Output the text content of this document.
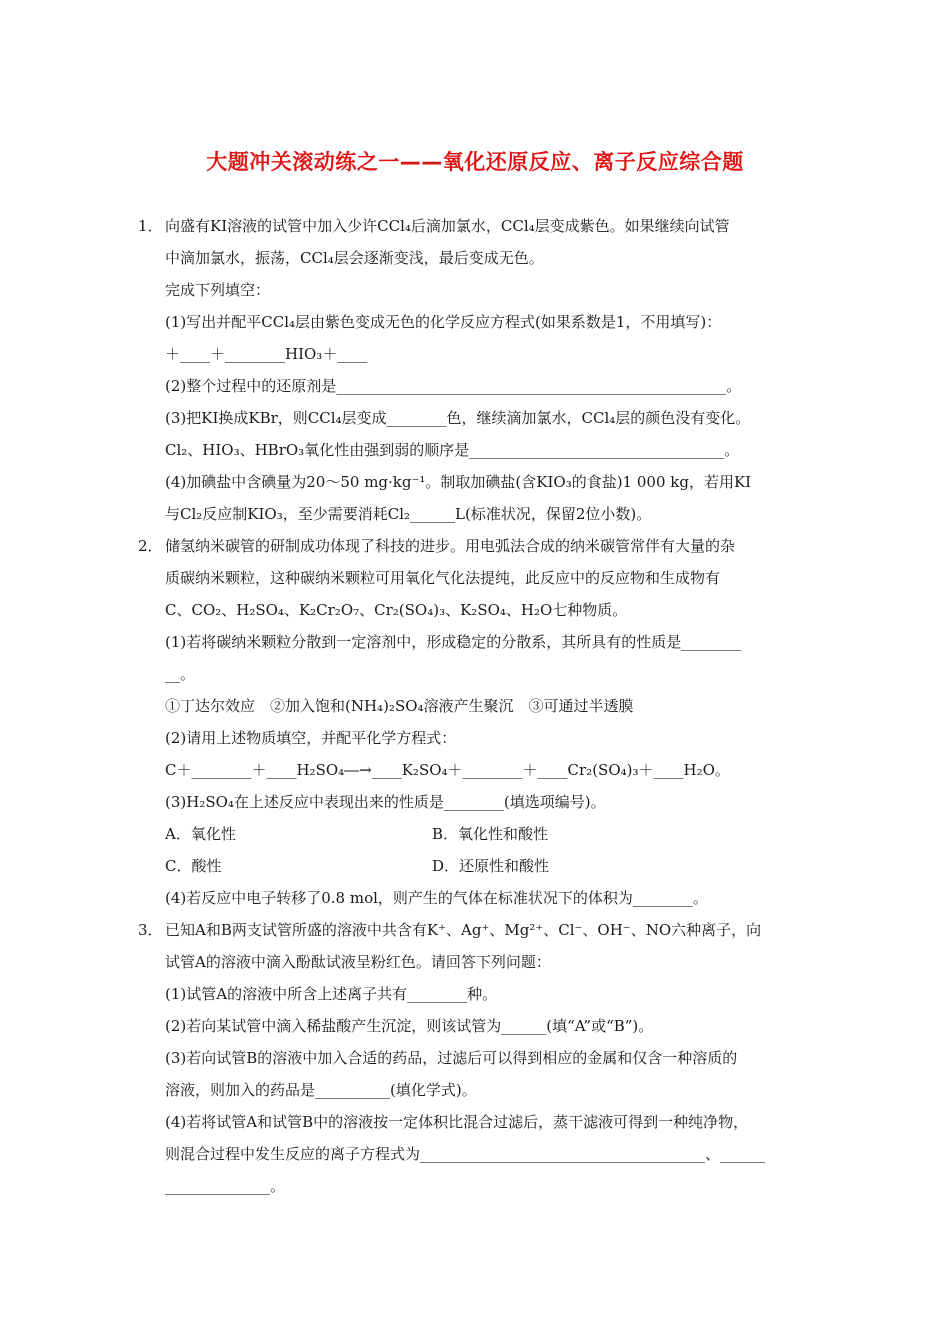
大题冲关滚动练之一——氧化还原反应、离子反应综合题
1． 向盛有KI溶液的试管中加入少许CCl₄后滴加氯水，CCl₄层变成紫色。如果继续向试管
中滴加氯水，振荡，CCl₄层会逐渐变浅，最后变成无色。
完成下列填空：
(1)写出并配平CCl₄层由紫色变成无色的化学反应方程式(如果系数是1，不用填写)：
＋____＋________HIO₃＋____
(2)整个过程中的还原剂是____________________________________________________。
(3)把KI换成KBr，则CCl₄层变成________色，继续滴加氯水，CCl₄层的颜色没有变化。
Cl₂、HIO₃、HBrO₃氧化性由强到弱的顺序是__________________________________。
(4)加碘盐中含碘量为20～50 mg·kg⁻¹。制取加碘盐(含KIO₃的食盐)1 000 kg，若用KI
与Cl₂反应制KIO₃，至少需要消耗Cl₂______L(标准状况，保留2位小数)。
2． 储氢纳米碳管的研制成功体现了科技的进步。用电弧法合成的纳米碳管常伴有大量的杂
质碳纳米颗粒，这种碳纳米颗粒可用氧化气化法提纯，此反应中的反应物和生成物有
C、CO₂、H₂SO₄、K₂Cr₂O₇、Cr₂(SO₄)₃、K₂SO₄、H₂O七种物质。
(1)若将碳纳米颗粒分散到一定溶剂中，形成稳定的分散系，其所具有的性质是________
__。
①丁达尔效应　②加入饱和(NH₄)₂SO₄溶液产生聚沉　③可通过半透膜
(2)请用上述物质填空，并配平化学方程式：
C＋________＋____H₂SO₄―→____K₂SO₄＋________＋____Cr₂(SO₄)₃＋____H₂O。
(3)H₂SO₄在上述反应中表现出来的性质是________(填选项编号)。
A．氧化性	B．氧化性和酸性
C．酸性	D．还原性和酸性
(4)若反应中电子转移了0.8 mol，则产生的气体在标准状况下的体积为________。
3． 已知A和B两支试管所盛的溶液中共含有K⁺、Ag⁺、Mg²⁺、Cl⁻、OH⁻、NO六种离子，向
试管A的溶液中滴入酚酞试液呈粉红色。请回答下列问题：
(1)试管A的溶液中所含上述离子共有________种。
(2)若向某试管中滴入稀盐酸产生沉淀，则该试管为______(填“A”或“B”)。
(3)若向试管B的溶液中加入合适的药品，过滤后可以得到相应的金属和仅含一种溶质的
溶液，则加入的药品是__________(填化学式)。
(4)若将试管A和试管B中的溶液按一定体积比混合过滤后，蒸干滤液可得到一种纯净物，
则混合过程中发生反应的离子方程式为______________________________________、______
______________。
